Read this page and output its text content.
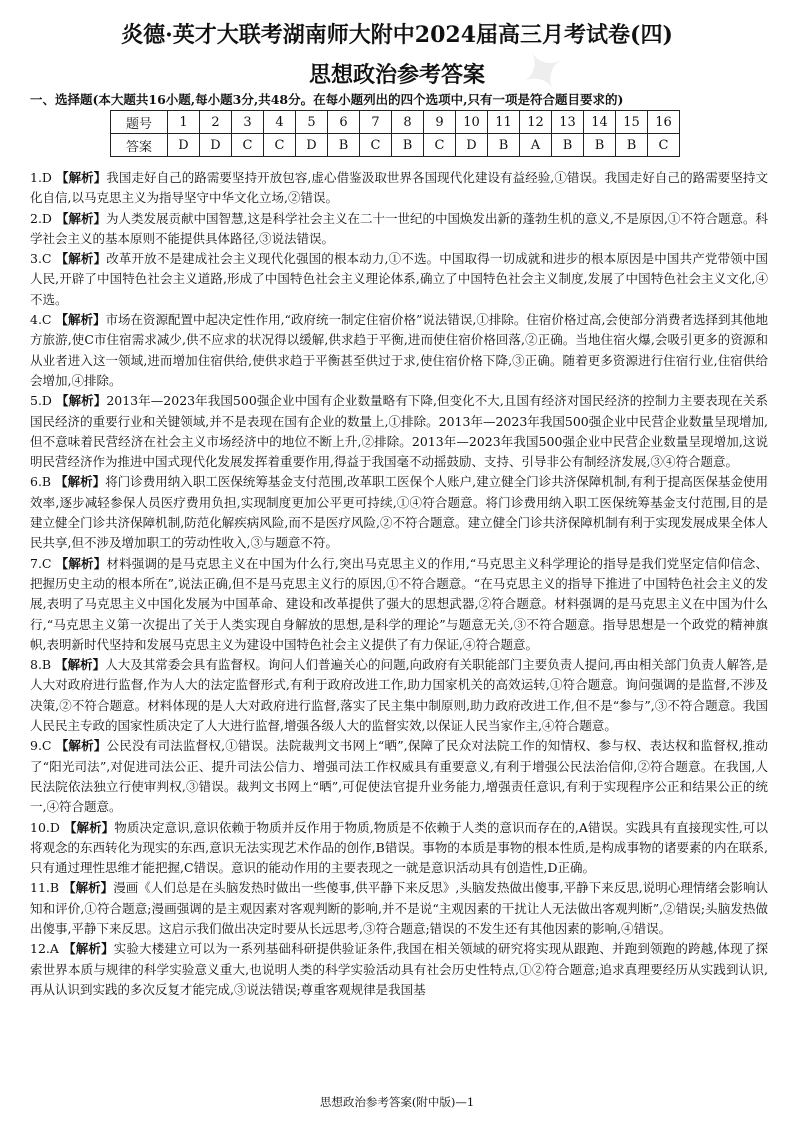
✦
炎德·英才大联考湖南师大附中2024届高三月考试卷(四)
思想政治参考答案
一、选择题(本大题共16小题,每小题3分,共48分。在每小题列出的四个选项中,只有一项是符合题目要求的)
题号	1	2	3	4	5	6	7	8	9	10	11	12	13	14	15	16
答案	D	D	C	C	D	B	C	B	C	D	B	A	B	B	B	C

1.D 【解析】我国走好自己的路需要坚持开放包容,虚心借鉴汲取世界各国现代化建设有益经验,①错误。我国走好自己的路需要坚持文化自信,以马克思主义为指导坚守中华文化立场,②错误。

2.D 【解析】为人类发展贡献中国智慧,这是科学社会主义在二十一世纪的中国焕发出新的蓬勃生机的意义,不是原因,①不符合题意。科学社会主义的基本原则不能提供具体路径,③说法错误。

3.C 【解析】改革开放不是建成社会主义现代化强国的根本动力,①不选。中国取得一切成就和进步的根本原因是中国共产党带领中国人民,开辟了中国特色社会主义道路,形成了中国特色社会主义理论体系,确立了中国特色社会主义制度,发展了中国特色社会主义文化,④不选。

4.C 【解析】市场在资源配置中起决定性作用,“政府统一制定住宿价格”说法错误,①排除。住宿价格过高,会使部分消费者选择到其他地方旅游,使C市住宿需求减少,供不应求的状况得以缓解,供求趋于平衡,进而使住宿价格回落,②正确。当地住宿火爆,会吸引更多的资源和从业者进入这一领域,进而增加住宿供给,使供求趋于平衡甚至供过于求,使住宿价格下降,③正确。随着更多资源进行住宿行业,住宿供给会增加,④排除。

5.D 【解析】2013年—2023年我国500强企业中国有企业数量略有下降,但变化不大,且国有经济对国民经济的控制力主要表现在关系国民经济的重要行业和关键领域,并不是表现在国有企业的数量上,①排除。2013年—2023年我国500强企业中民营企业数量呈现增加,但不意味着民营经济在社会主义市场经济中的地位不断上升,②排除。2013年—2023年我国500强企业中民营企业数量呈现增加,这说明民营经济作为推进中国式现代化发展发挥着重要作用,得益于我国毫不动摇鼓励、支持、引导非公有制经济发展,③④符合题意。

6.B 【解析】将门诊费用纳入职工医保统筹基金支付范围,改革职工医保个人账户,建立健全门诊共济保障机制,有利于提高医保基金使用效率,逐步减轻参保人员医疗费用负担,实现制度更加公平更可持续,①④符合题意。将门诊费用纳入职工医保统筹基金支付范围,目的是建立健全门诊共济保障机制,防范化解疾病风险,而不是医疗风险,②不符合题意。建立健全门诊共济保障机制有利于实现发展成果全体人民共享,但不涉及增加职工的劳动性收入,③与题意不符。

7.C 【解析】材料强调的是马克思主义在中国为什么行,突出马克思主义的作用,“马克思主义科学理论的指导是我们党坚定信仰信念、把握历史主动的根本所在”,说法正确,但不是马克思主义行的原因,①不符合题意。“在马克思主义的指导下推进了中国特色社会主义的发展,表明了马克思主义中国化发展为中国革命、建设和改革提供了强大的思想武器,②符合题意。材料强调的是马克思主义在中国为什么行,“马克思主义第一次提出了关于人类实现自身解放的思想,是科学的理论”与题意无关,③不符合题意。指导思想是一个政党的精神旗帜,表明新时代坚持和发展马克思主义为建设中国特色社会主义提供了有力保证,④符合题意。

8.B 【解析】人大及其常委会具有监督权。询问人们普遍关心的问题,向政府有关职能部门主要负责人提问,再由相关部门负责人解答,是人大对政府进行监督,作为人大的法定监督形式,有利于政府改进工作,助力国家机关的高效运转,①符合题意。询问强调的是监督,不涉及决策,②不符合题意。材料体现的是人大对政府进行监督,落实了民主集中制原则,助力政府改进工作,但不是“参与”,③不符合题意。我国人民民主专政的国家性质决定了人大进行监督,增强各级人大的监督实效,以保证人民当家作主,④符合题意。

9.C 【解析】公民没有司法监督权,①错误。法院裁判文书网上“晒”,保障了民众对法院工作的知情权、参与权、表达权和监督权,推动了“阳光司法”,对促进司法公正、提升司法公信力、增强司法工作权威具有重要意义,有利于增强公民法治信仰,②符合题意。在我国,人民法院依法独立行使审判权,③错误。裁判文书网上“晒”,可促使法官提升业务能力,增强责任意识,有利于实现程序公正和结果公正的统一,④符合题意。

10.D 【解析】物质决定意识,意识依赖于物质并反作用于物质,物质是不依赖于人类的意识而存在的,A错误。实践具有直接现实性,可以将观念的东西转化为现实的东西,意识无法实现艺术作品的创作,B错误。事物的本质是事物的根本性质,是构成事物的诸要素的内在联系,只有通过理性思维才能把握,C错误。意识的能动作用的主要表现之一就是意识活动具有创造性,D正确。

11.B 【解析】漫画《人们总是在头脑发热时做出一些傻事,供平静下来反思》,头脑发热做出傻事,平静下来反思,说明心理情绪会影响认知和评价,①符合题意;漫画强调的是主观因素对客观判断的影响,并不是说“主观因素的干扰让人无法做出客观判断”,②错误;头脑发热做出傻事,平静下来反思。这启示我们做出决定时要从长远思考,③符合题意;错误的不发生还有其他因素的影响,④错误。

12.A 【解析】实验大楼建立可以为一系列基础科研提供验证条件,我国在相关领域的研究将实现从跟跑、并跑到领跑的跨越,体现了探索世界本质与规律的科学实验意义重大,也说明人类的科学实验活动具有社会历史性特点,①②符合题意;追求真理要经历从实践到认识,再从认识到实践的多次反复才能完成,③说法错误;尊重客观规律是我国基

思想政治参考答案(附中版)—1
